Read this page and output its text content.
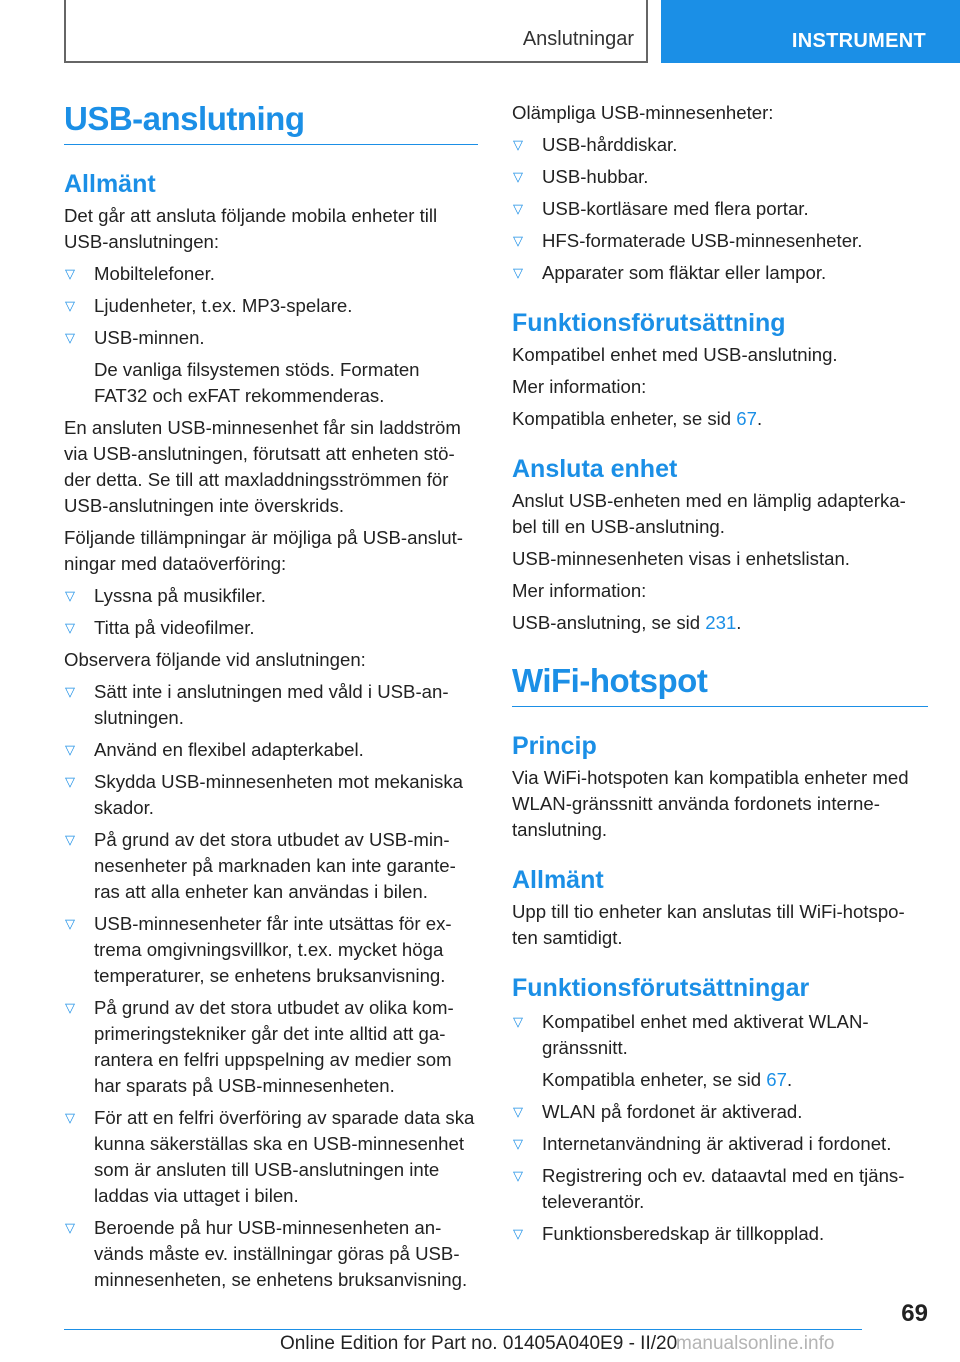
Anslutningar	INSTRUMENT
USB-anslutning
Allmänt

Det går att ansluta följande mobila enheter till USB-anslutningen:

▽ Mobiltelefoner.
▽ Ljudenheter, t.ex. MP3-spelare.
▽ USB-minnen.
De vanliga filsystemen stöds. Formaten FAT32 och exFAT rekommenderas.

En ansluten USB-minnesenhet får sin laddström via USB-anslutningen, förutsatt att enheten stö-der detta. Se till att maxladdningsströmmen för USB-anslutningen inte överskrids.

Följande tillämpningar är möjliga på USB-anslut-ningar med dataöverföring:

▽ Lyssna på musikfiler.
▽ Titta på videofilmer.

Observera följande vid anslutningen:

▽ Sätt inte i anslutningen med våld i USB-an-slutningen.
▽ Använd en flexibel adapterkabel.
▽ Skydda USB-minnesenheten mot mekaniska skador.
▽ På grund av det stora utbudet av USB-min-nesenheter på marknaden kan inte garante-ras att alla enheter kan användas i bilen.
▽ USB-minnesenheter får inte utsättas för ex-trema omgivningsvillkor, t.ex. mycket höga temperaturer, se enhetens bruksanvisning.
▽ På grund av det stora utbudet av olika kom-primeringstekniker går det inte alltid att ga-rantera en felfri uppspelning av medier som har sparats på USB-minnesenheten.
▽ För att en felfri överföring av sparade data ska kunna säkerställas ska en USB-minnesenhet som är ansluten till USB-anslutningen inte laddas via uttaget i bilen.
▽ Beroende på hur USB-minnesenheten an-vänds måste ev. inställningar göras på USB-minnesenheten, se enhetens bruksanvisning.

Olämpliga USB-minnesenheter:

▽ USB-hårddiskar.
▽ USB-hubbar.
▽ USB-kortläsare med flera portar.
▽ HFS-formaterade USB-minnesenheter.
▽ Apparater som fläktar eller lampor.
Funktionsförutsättning

Kompatibel enhet med USB-anslutning.

Mer information:

Kompatibla enheter, se sid 67.

Ansluta enhet

Anslut USB-enheten med en lämplig adapterka-bel till en USB-anslutning.

USB-minnesenheten visas i enhetslistan.

Mer information:

USB-anslutning, se sid 231.

WiFi-hotspot
Princip

Via WiFi-hotspoten kan kompatibla enheter med WLAN-gränssnitt använda fordonets interne-tanslutning.

Allmänt

Upp till tio enheter kan anslutas till WiFi-hotspo-ten samtidigt.

Funktionsförutsättningar
▽ Kompatibel enhet med aktiverat WLAN-gränssnitt.
Kompatibla enheter, se sid 67.
▽ WLAN på fordonet är aktiverad.
▽ Internetanvändning är aktiverad i fordonet.
▽ Registrering och ev. dataavtal med en tjäns-televerantör.
▽ Funktionsberedskap är tillkopplad.
69
Online Edition for Part no. 01405A040E9 - II/20
manualsonline.info
